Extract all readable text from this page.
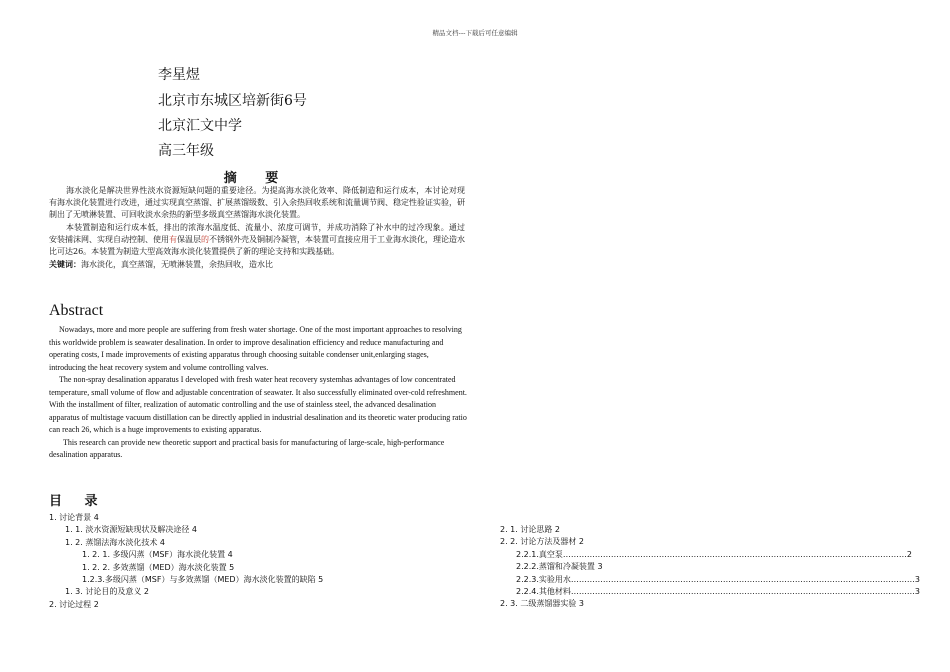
精品文档---下载后可任意编辑
李星煜
北京市东城区培新街6号
北京汇文中学
高三年级
摘 要

海水淡化是解决世界性淡水资源短缺问题的重要途径。为提高海水淡化效率、降低制造和运行成本，本讨论对现有海水淡化装置进行改进，通过实现真空蒸馏、扩展蒸馏级数、引入余热回收系统和流量调节阀、稳定性验证实验，研制出了无喷淋装置、可回收淡水余热的新型多级真空蒸馏海水淡化装置。

本装置制造和运行成本低，排出的浓海水温度低、流量小、浓度可调节，并成功消除了补水中的过冷现象。通过安装捕沫网、实现自动控制、使用有保温层的不锈钢外壳及铜制冷凝管，本装置可直接应用于工业海水淡化，理论造水比可达26。本装置为制造大型高效海水淡化装置提供了新的理论支持和实践基础。

关键词：海水淡化，真空蒸馏，无喷淋装置，余热回收，造水比

Abstract

Nowadays, more and more people are suffering from fresh water shortage. One of the most important approaches to resolving this worldwide problem is seawater desalination. In order to improve desalination efficiency and reduce manufacturing and operating costs, I made improvements of existing apparatus through choosing suitable condenser unit,enlarging stages, introducing the heat recovery system and volume controlling valves.

The non-spray desalination apparatus I developed with fresh water heat recovery systemhas advantages of low concentrated temperature, small volume of flow and adjustable concentration of seawater. It also successfully eliminated over-cold refreshment. With the installment of filter, realization of automatic controlling and the use of stainless steel, the advanced desalination apparatus of multistage vacuum distillation can be directly applied in industrial desalination and its theoretic water producing ratio can reach 26, which is a huge improvements to existing apparatus.

This research can provide new theoretic support and practical basis for manufacturing of large-scale, high-performance desalination apparatus.

目 录
1. 讨论背景 4
1. 1. 淡水资源短缺现状及解决途径 4
1. 2. 蒸馏法海水淡化技术 4
1. 2. 1. 多级闪蒸（MSF）海水淡化装置 4
1. 2. 2. 多效蒸馏（MED）海水淡化装置 5
1.2.3.多级闪蒸（MSF）与多效蒸馏（MED）海水淡化装置的缺陷 5
1. 3. 讨论目的及意义 2
2. 讨论过程 2
2. 1. 讨论思路 2
2. 2. 讨论方法及器材 2
2.2.1.真空泵 ………………………………………………………………………………………………………………… 2
2.2.2.蒸馏和冷凝装置 3
2.2.3.实验用水 ………………………………………………………………………………………………………………… 3
2.2.4.其他材料 ………………………………………………………………………………………………………………… 3
2. 3. 二级蒸馏器实验 3
